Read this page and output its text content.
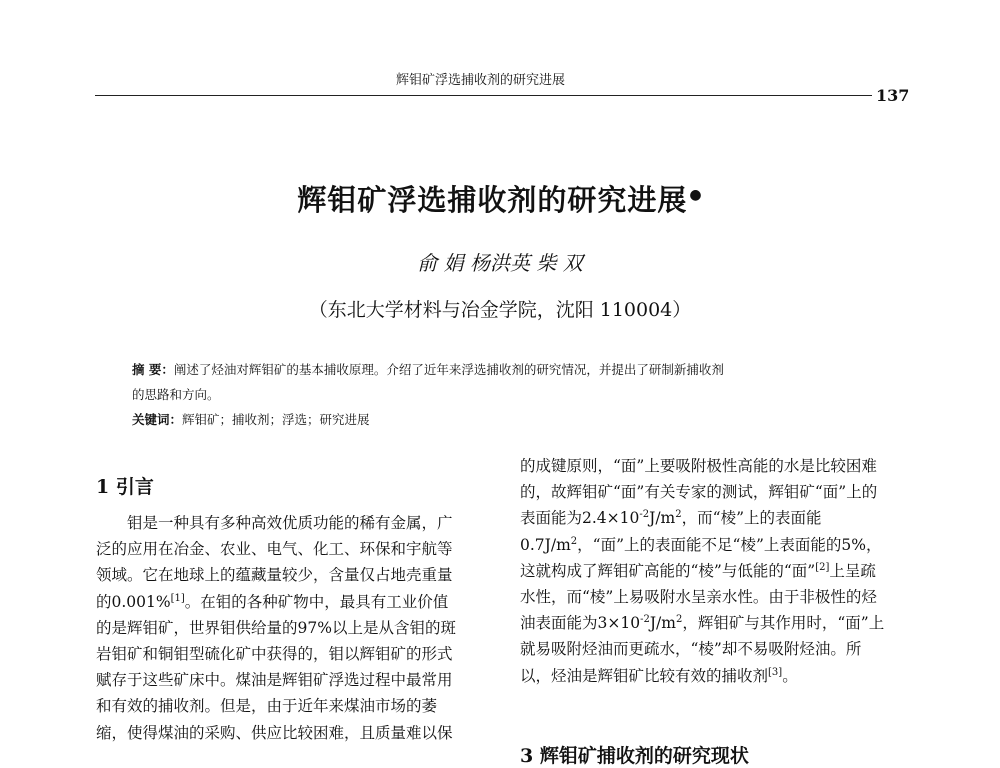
辉钼矿浮选捕收剂的研究进展
137
辉钼矿浮选捕收剂的研究进展 ●
俞 娟 杨洪英 柴 双
（东北大学材料与冶金学院，沈阳 110004）
摘 要：阐述了烃油对辉钼矿的基本捕收原理。介绍了近年来浮选捕收剂的研究情况，并提出了研制新捕收剂
的思路和方向。
关键词：辉钼矿；捕收剂；浮选；研究进展
1 引言

钼是一种具有多种高效优质功能的稀有金属，广泛的应用在冶金、农业、电气、化工、环保和宇航等领域。它在地球上的蕴藏量较少，含量仅占地壳重量的0.001%[1]。在钼的各种矿物中，最具有工业价值的是辉钼矿，世界钼供给量的97%以上是从含钼的斑岩钼矿和铜钼型硫化矿中获得的，钼以辉钼矿的形式赋存于这些矿床中。煤油是辉钼矿浮选过程中最常用和有效的捕收剂。但是，由于近年来煤油市场的萎缩，使得煤油的采购、供应比较困难，且质量难以保

的成键原则，“面”上要吸附极性高能的水是比较困难的，故辉钼矿“面”有关专家的测试，辉钼矿“面”上的表面能为$2.4\times 10^{-2}J/m^2$，而“棱”上的表面能$0.7J/m^2$，“面”上的表面能不足“棱”上表面能的5%，这就构成了辉钼矿高能的“棱”与低能的“面”[2]上呈疏水性，而“棱”上易吸附水呈亲水性。由于非极性的烃油表面能为$3\times 10^{-2}J/m^2$，辉钼矿与其作用时，“面”上就易吸附烃油而更疏水，“棱”却不易吸附烃油。所以，烃油是辉钼矿比较有效的捕收剂[3]。

3 辉钼矿捕收剂的研究现状
